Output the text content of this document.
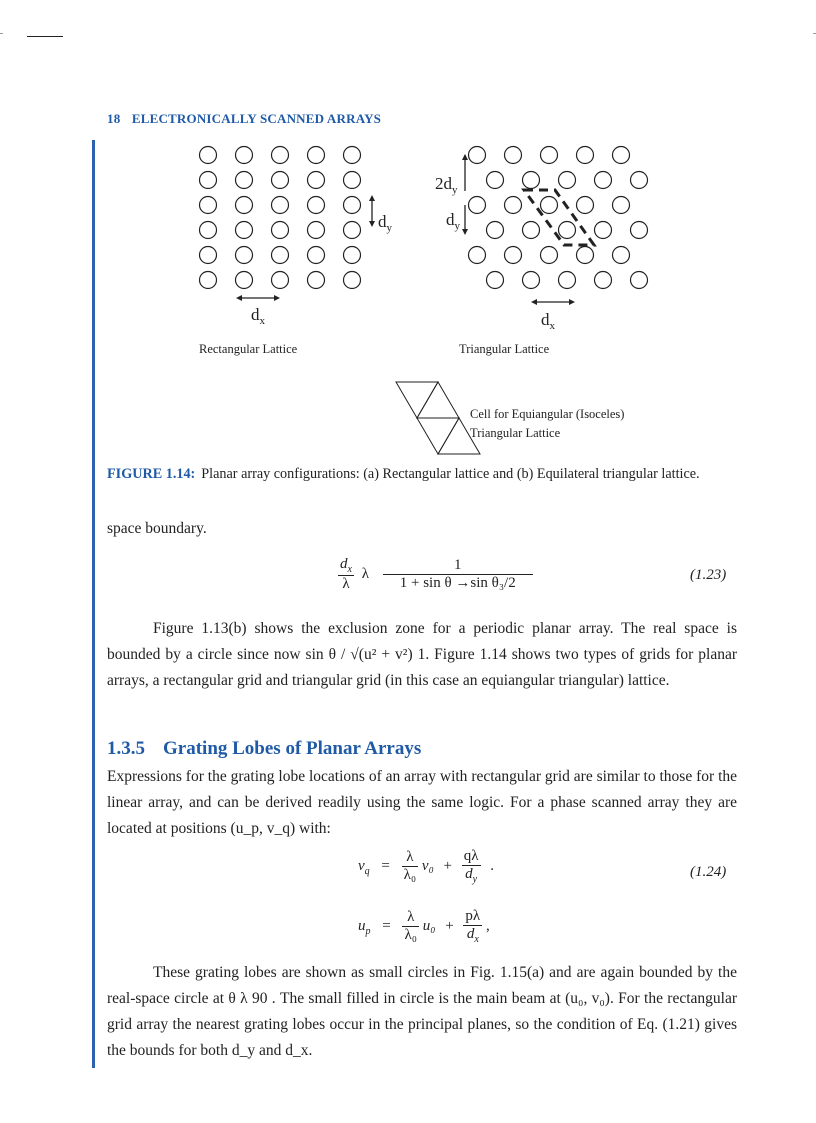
18 ELECTRONICALLY SCANNED ARRAYS
$d_y$
$d_x$
$2d_y$
$d_y$
$d_x$
Rectangular Lattice	Triangular Lattice
Cell for Equiangular (Isoceles)
Triangular Lattice
FIGURE 1.14: Planar array configurations: (a) Rectangular lattice and (b) Equilateral triangular lattice.

space boundary.

$\frac{d_x}{\lambda}$ λ $\frac{1}{\text{1 + sin θ →sin θ₃/2}}$	(1.23)

Figure 1.13(b) shows the exclusion zone for a periodic planar array. The real space is bounded by a circle since now sin θ / √(u² + v²) 1. Figure 1.14 shows two types of grids for planar arrays, a rectangular grid and triangular grid (in this case an equiangular triangular) lattice.

1.3.5 Grating Lobes of Planar Arrays

Expressions for the grating lobe locations of an array with rectangular grid are similar to those for the linear array, and can be derived readily using the same logic. For a phase scanned array they are located at positions (u_p, v_q) with:

$v_q = \frac{\lambda}{\text{λ₀}} v_0 + \frac{q\lambda}{d_y}$ .	(1.24)
$u_p = \frac{\lambda}{\text{λ₀}} u_0 + \frac{p\lambda}{d_x}$ ,

These grating lobes are shown as small circles in Fig. 1.15(a) and are again bounded by the real-space circle at θ λ 90 . The small filled in circle is the main beam at (u₀, v₀). For the rectangular grid array the nearest grating lobes occur in the principal planes, so the condition of Eq. (1.21) gives the bounds for both d_y and d_x.
